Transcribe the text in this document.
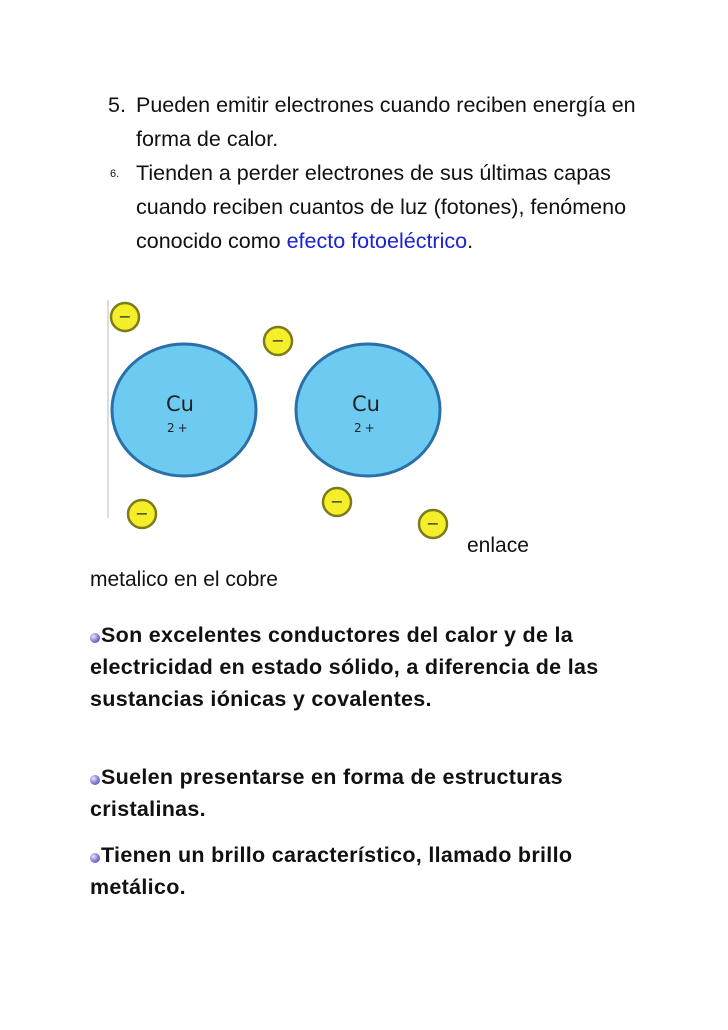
5. Pueden emitir electrones cuando reciben energía en forma de calor.
6. Tienden a perder electrones de sus últimas capas cuando reciben cuantos de luz (fotones), fenómeno conocido como efecto fotoeléctrico.
Cu
2+
Cu
2+
−
−
−
−
−
enlace
metalico en el cobre
Son excelentes conductores del calor y de la electricidad en estado sólido, a diferencia de las sustancias iónicas y covalentes.
Suelen presentarse en forma de estructuras cristalinas.
Tienen un brillo característico, llamado brillo metálico.
